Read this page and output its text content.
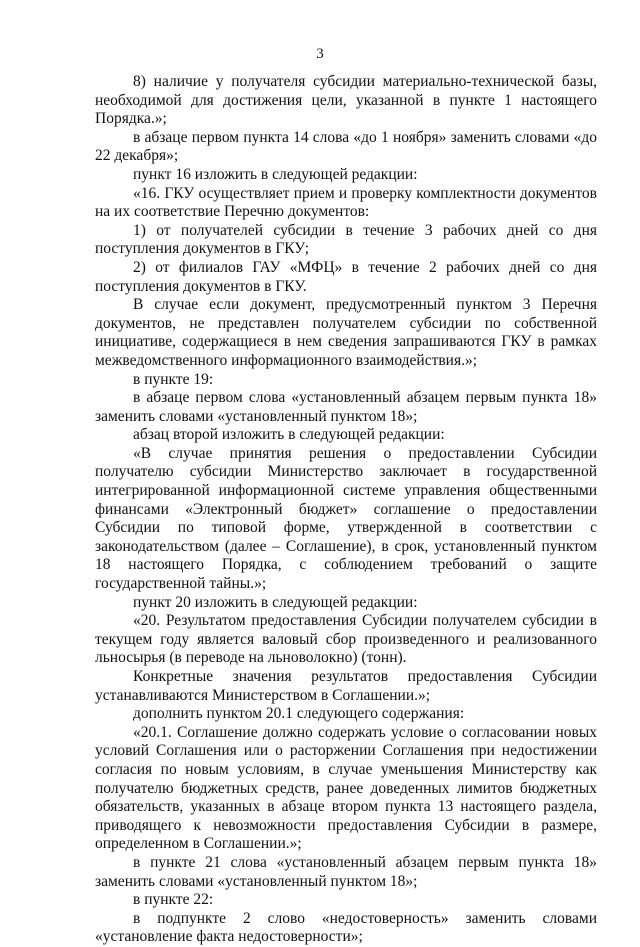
3

8) наличие у получателя субсидии материально-технической базы, необходимой для достижения цели, указанной в пункте 1 настоящего Порядка.»;

в абзаце первом пункта 14 слова «до 1 ноября» заменить словами «до 22 декабря»;

пункт 16 изложить в следующей редакции:

«16. ГКУ осуществляет прием и проверку комплектности документов на их соответствие Перечню документов:

1) от получателей субсидии в течение 3 рабочих дней со дня поступления документов в ГКУ;

2) от филиалов ГАУ «МФЦ» в течение 2 рабочих дней со дня поступления документов в ГКУ.

В случае если документ, предусмотренный пунктом 3 Перечня документов, не представлен получателем субсидии по собственной инициативе, содержащиеся в нем сведения запрашиваются ГКУ в рамках межведомственного информационного взаимодействия.»;

в пункте 19:

в абзаце первом слова «установленный абзацем первым пункта 18» заменить словами «установленный пунктом 18»;

абзац второй изложить в следующей редакции:

«В случае принятия решения о предоставлении Субсидии получателю субсидии Министерство заключает в государственной интегрированной информационной системе управления общественными финансами «Электронный бюджет» соглашение о предоставлении Субсидии по типовой форме, утвержденной в соответствии с законодательством (далее – Соглашение), в срок, установленный пунктом 18 настоящего Порядка, с соблюдением требований о защите государственной тайны.»;

пункт 20 изложить в следующей редакции:

«20. Результатом предоставления Субсидии получателем субсидии в текущем году является валовый сбор произведенного и реализованного льносырья (в переводе на льноволокно) (тонн).

Конкретные значения результатов предоставления Субсидии устанавливаются Министерством в Соглашении.»;

дополнить пунктом 20.1 следующего содержания:

«20.1. Соглашение должно содержать условие о согласовании новых условий Соглашения или о расторжении Соглашения при недостижении согласия по новым условиям, в случае уменьшения Министерству как получателю бюджетных средств, ранее доведенных лимитов бюджетных обязательств, указанных в абзаце втором пункта 13 настоящего раздела, приводящего к невозможности предоставления Субсидии в размере, определенном в Соглашении.»;

в пункте 21 слова «установленный абзацем первым пункта 18» заменить словами «установленный пунктом 18»;

в пункте 22:

в подпункте 2 слово «недостоверность» заменить словами «установление факта недостоверности»;
